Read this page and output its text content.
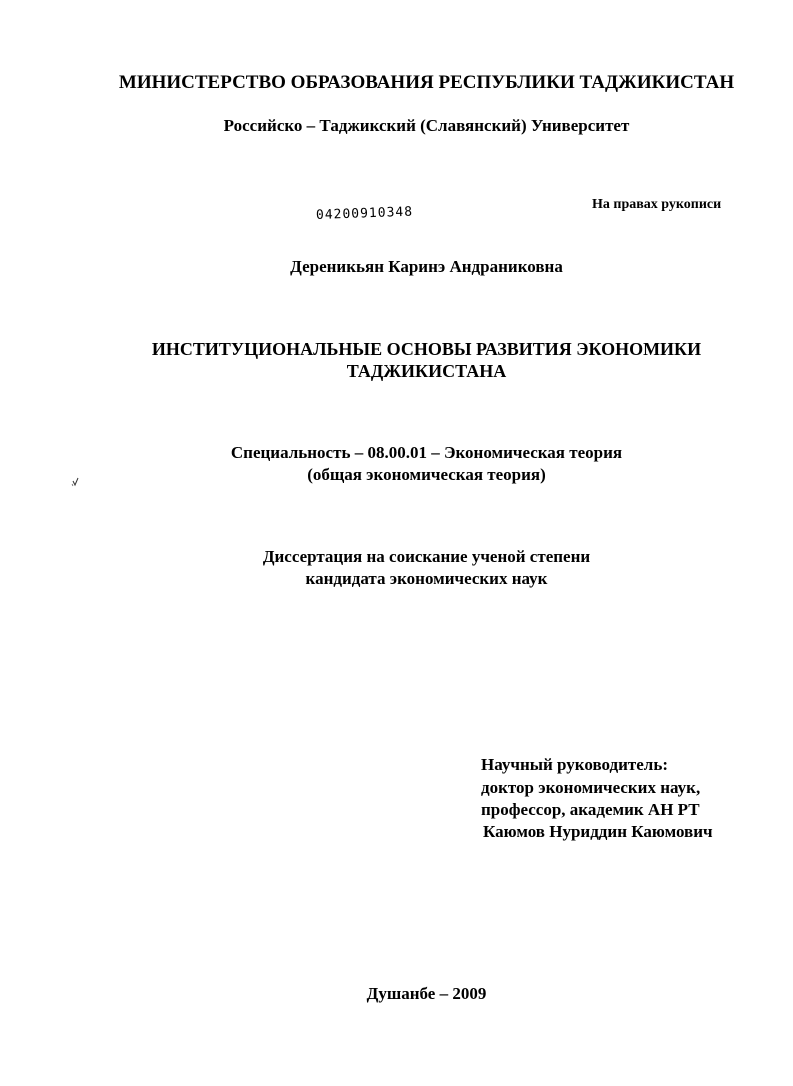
МИНИСТЕРСТВО ОБРАЗОВАНИЯ РЕСПУБЛИКИ ТАДЖИКИСТАН
Российско – Таджикский (Славянский) Университет
На правах рукописи
04200910348
Дереникьян Каринэ Андраниковна
ИНСТИТУЦИОНАЛЬНЫЕ ОСНОВЫ РАЗВИТИЯ ЭКОНОМИКИ
ТАДЖИКИСТАНА
Специальность – 08.00.01 – Экономическая теория
(общая экономическая теория)
Диссертация на соискание ученой степени
кандидата экономических наук
Научный руководитель:
доктор экономических наук,
профессор, академик АН РТ
Каюмов Нуриддин Каюмович
Душанбе – 2009
